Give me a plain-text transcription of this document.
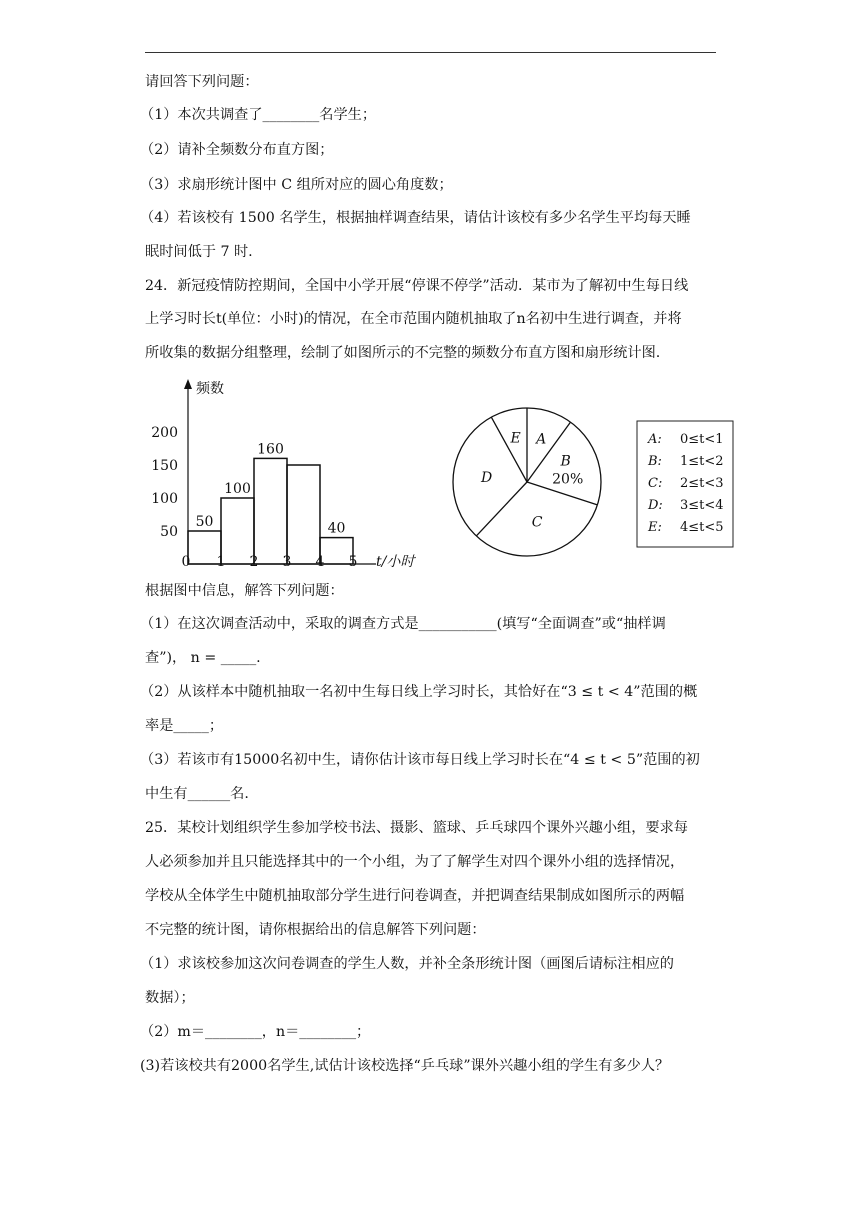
请回答下列问题：
（1）本次共调查了________名学生；
（2）请补全频数分布直方图；
（3）求扇形统计图中 C 组所对应的圆心角度数；
（4）若该校有 1500 名学生，根据抽样调查结果，请估计该校有多少名学生平均每天睡
眠时间低于 7 时.
24．新冠疫情防控期间，全国中小学开展“停课不停学”活动．某市为了解初中生每日线
上学习时长t(单位：小时)的情况，在全市范围内随机抽取了n名初中生进行调查，并将
所收集的数据分组整理，绘制了如图所示的不完整的频数分布直方图和扇形统计图.
频数
t/小时
0 1 2 3 4 5
50
100
150
200
50
100
160
40
A
B
20%
C
D
E	A: 0≤t<1
B: 1≤t<2
C: 2≤t<3
D: 3≤t<4
E: 4≤t<5
根据图中信息，解答下列问题：
（1）在这次调查活动中，采取的调查方式是___________(填写“全面调查”或“抽样调
查”)， n = _____.
（2）从该样本中随机抽取一名初中生每日线上学习时长，其恰好在“3 ≤ t < 4”范围的概
率是_____；
（3）若该市有15000名初中生，请你估计该市每日线上学习时长在“4 ≤ t < 5”范围的初
中生有______名.
25．某校计划组织学生参加学校书法、摄影、篮球、乒乓球四个课外兴趣小组，要求每
人必须参加并且只能选择其中的一个小组，为了了解学生对四个课外小组的选择情况，
学校从全体学生中随机抽取部分学生进行问卷调查，并把调查结果制成如图所示的两幅
不完整的统计图，请你根据给出的信息解答下列问题：
（1）求该校参加这次问卷调查的学生人数，并补全条形统计图（画图后请标注相应的
数据）；
（2）m＝________，n＝________；
(3)若该校共有2000名学生,试估计该校选择“乒乓球”课外兴趣小组的学生有多少人？
